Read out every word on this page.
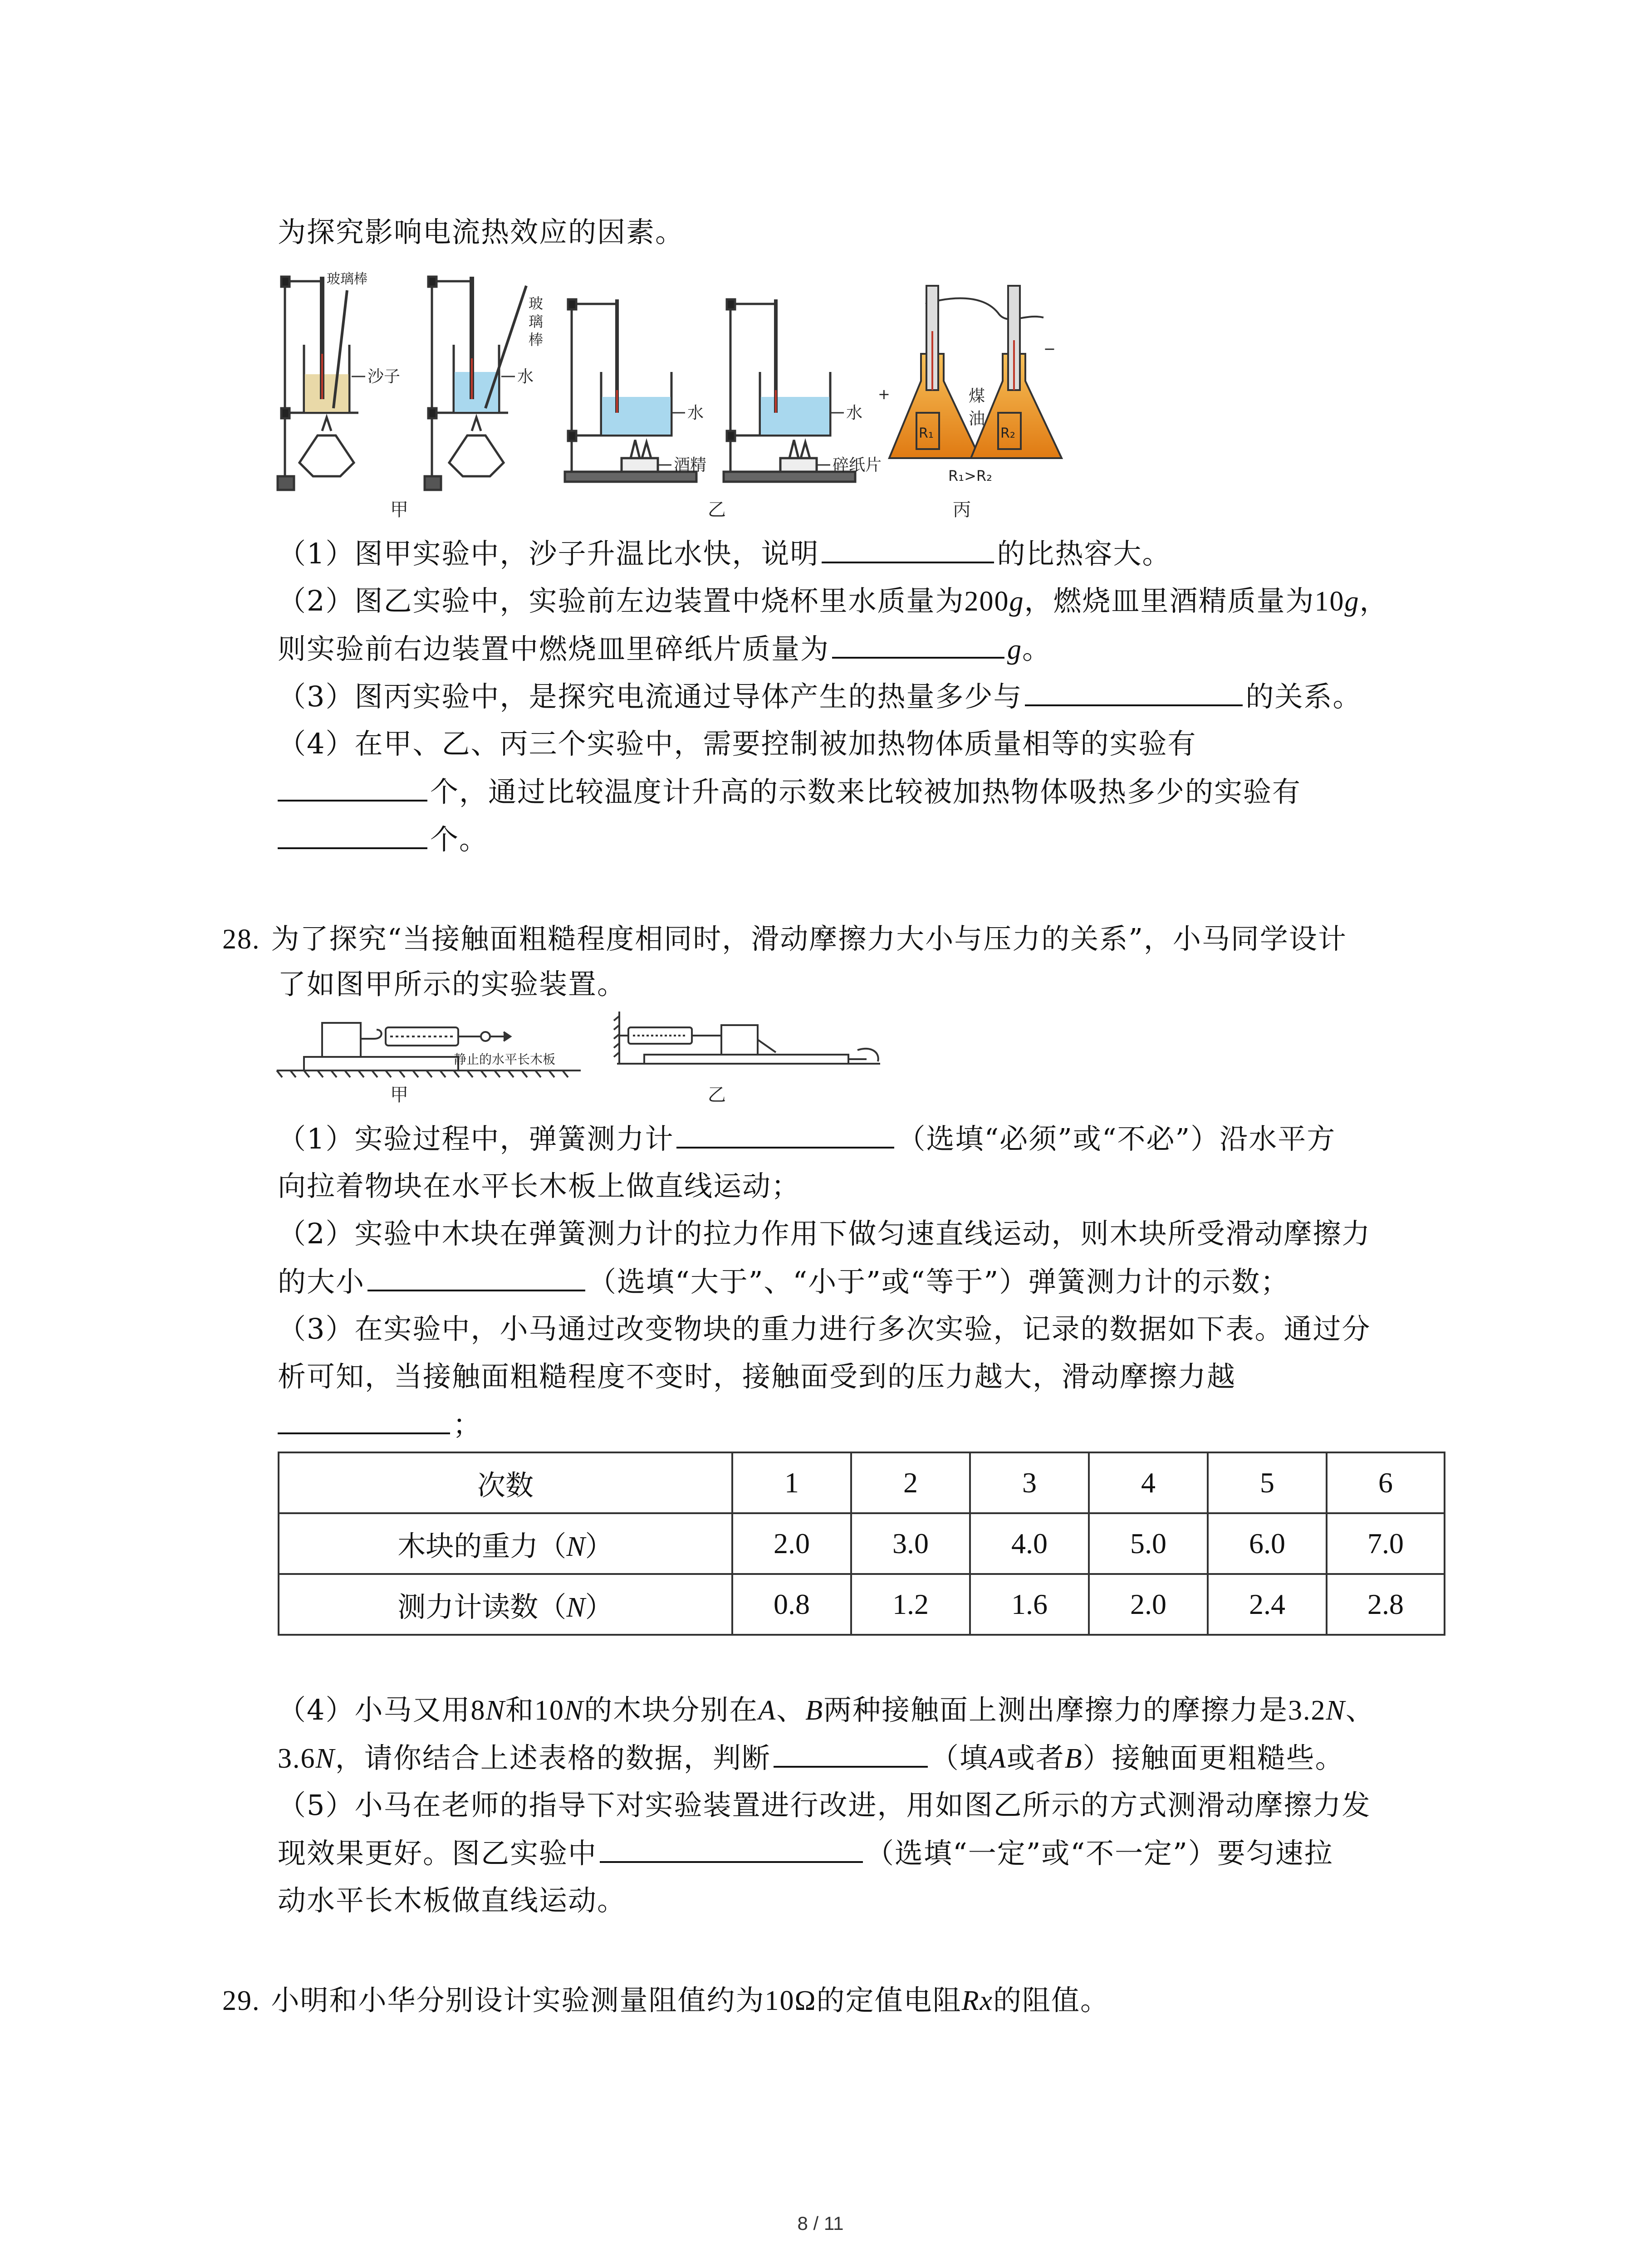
为探究影响电流热效应的因素。
玻璃棒
沙子
玻
璃
棒
水
水
酒精
水
碎纸片
+
−
煤
油
R₁	R₂
R₁>R₂
甲	乙	丙
（1）图甲实验中，沙子升温比水快，说明	的比热容大。
（2）图乙实验中，实验前左边装置中烧杯里水质量为200g，燃烧皿里酒精质量为10g，
则实验前右边装置中燃烧皿里碎纸片质量为	g。
（3）图丙实验中，是探究电流通过导体产生的热量多少与	的关系。
（4）在甲、乙、丙三个实验中，需要控制被加热物体质量相等的实验有
个，通过比较温度计升高的示数来比较被加热物体吸热多少的实验有
个。
28. 为了探究“当接触面粗糙程度相同时，滑动摩擦力大小与压力的关系”，小马同学设计
了如图甲所示的实验装置。
静止的水平长木板
甲	乙
（1）实验过程中，弹簧测力计	（选填“必须”或“不必”）沿水平方
向拉着物块在水平长木板上做直线运动；
（2）实验中木块在弹簧测力计的拉力作用下做匀速直线运动，则木块所受滑动摩擦力
的大小	（选填“大于”、“小于”或“等于”）弹簧测力计的示数；
（3）在实验中，小马通过改变物块的重力进行多次实验，记录的数据如下表。通过分
析可知，当接触面粗糙程度不变时，接触面受到的压力越大，滑动摩擦力越
；
次数	1	2	3	4	5	6
木块的重力（N）	2.0	3.0	4.0	5.0	6.0	7.0
测力计读数（N）	0.8	1.2	1.6	2.0	2.4	2.8
（4）小马又用8N和10N的木块分别在A、B两种接触面上测出摩擦力的摩擦力是3.2N、
3.6N，请你结合上述表格的数据，判断	（填A或者B）接触面更粗糙些。
（5）小马在老师的指导下对实验装置进行改进，用如图乙所示的方式测滑动摩擦力发
现效果更好。图乙实验中	（选填“一定”或“不一定”）要匀速拉
动水平长木板做直线运动。
29. 小明和小华分别设计实验测量阻值约为10Ω的定值电阻Rx的阻值。
8 / 11
